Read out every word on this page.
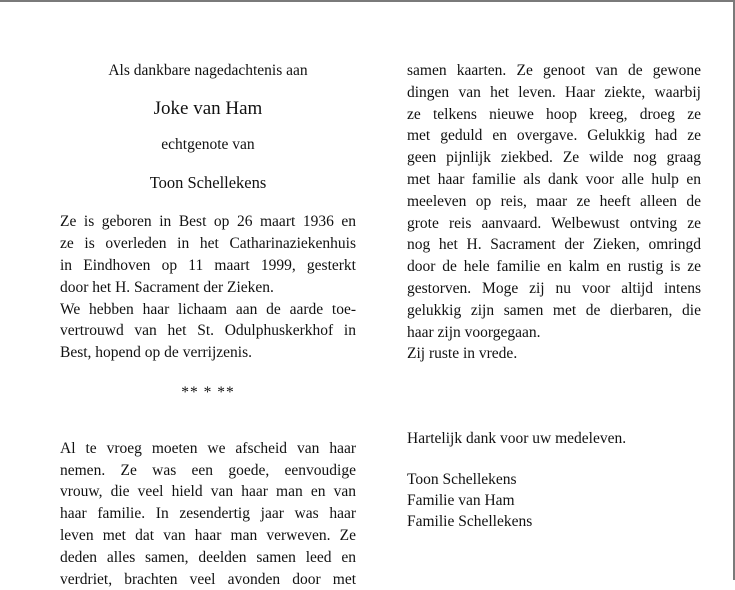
Als dankbare nagedachtenis aan
Joke van Ham
echtgenote van
Toon Schellekens
Ze is geboren in Best op 26 maart 1936 en
ze is overleden in het Catharinaziekenhuis
in Eindhoven op 11 maart 1999, gesterkt
door het H. Sacrament der Zieken.
We hebben haar lichaam aan de aarde toe-
vertrouwd van het St. Odulphuskerkhof in
Best, hopend op de verrijzenis.
** * **
Al te vroeg moeten we afscheid van haar
nemen. Ze was een goede, eenvoudige
vrouw, die veel hield van haar man en van
haar familie. In zesendertig jaar was haar
leven met dat van haar man verweven. Ze
deden alles samen, deelden samen leed en
verdriet, brachten veel avonden door met
samen kaarten. Ze genoot van de gewone
dingen van het leven. Haar ziekte, waarbij
ze telkens nieuwe hoop kreeg, droeg ze
met geduld en overgave. Gelukkig had ze
geen pijnlijk ziekbed. Ze wilde nog graag
met haar familie als dank voor alle hulp en
meeleven op reis, maar ze heeft alleen de
grote reis aanvaard. Welbewust ontving ze
nog het H. Sacrament der Zieken, omringd
door de hele familie en kalm en rustig is ze
gestorven. Moge zij nu voor altijd intens
gelukkig zijn samen met de dierbaren, die
haar zijn voorgegaan.
Zij ruste in vrede.
Hartelijk dank voor uw medeleven.
Toon Schellekens
Familie van Ham
Familie Schellekens
